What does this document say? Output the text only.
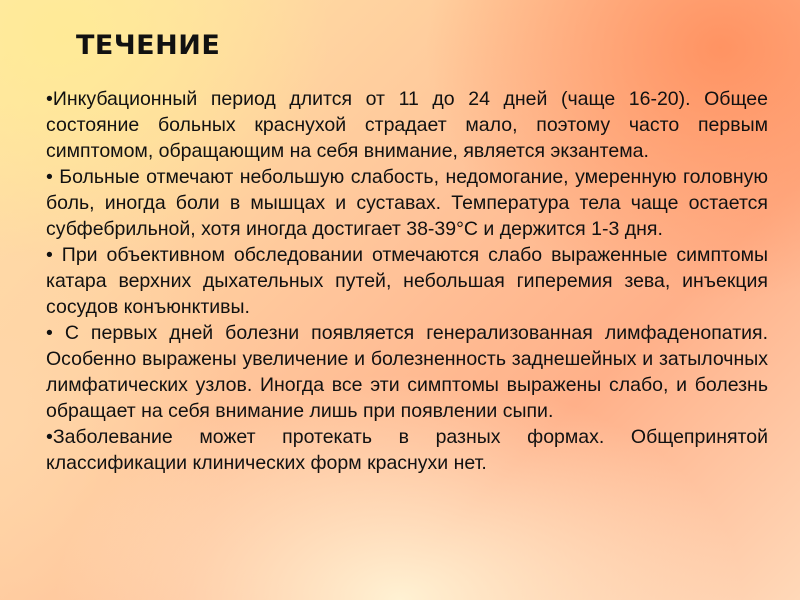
ТЕЧЕНИЕ

•Инкубационный период длится от 11 до 24 дней (чаще 16-20). Общее состояние больных краснухой страдает мало, поэтому часто первым симптомом, обращающим на себя внимание, является экзантема.

• Больные отмечают небольшую слабость, недомогание, умеренную головную боль, иногда боли в мышцах и суставах. Температура тела чаще остается субфебрильной, хотя иногда достигает 38-39°С и держится 1-3 дня.

• При объективном обследовании отмечаются слабо выраженные симптомы катара верхних дыхательных путей, небольшая гиперемия зева, инъекция сосудов конъюнктивы.

• С первых дней болезни появляется генерализованная лимфаденопатия. Особенно выражены увеличение и болезненность заднешейных и затылочных лимфатических узлов. Иногда все эти симптомы выражены слабо, и болезнь обращает на себя внимание лишь при появлении сыпи.

•Заболевание может протекать в разных формах. Общепринятой классификации клинических форм краснухи нет.
